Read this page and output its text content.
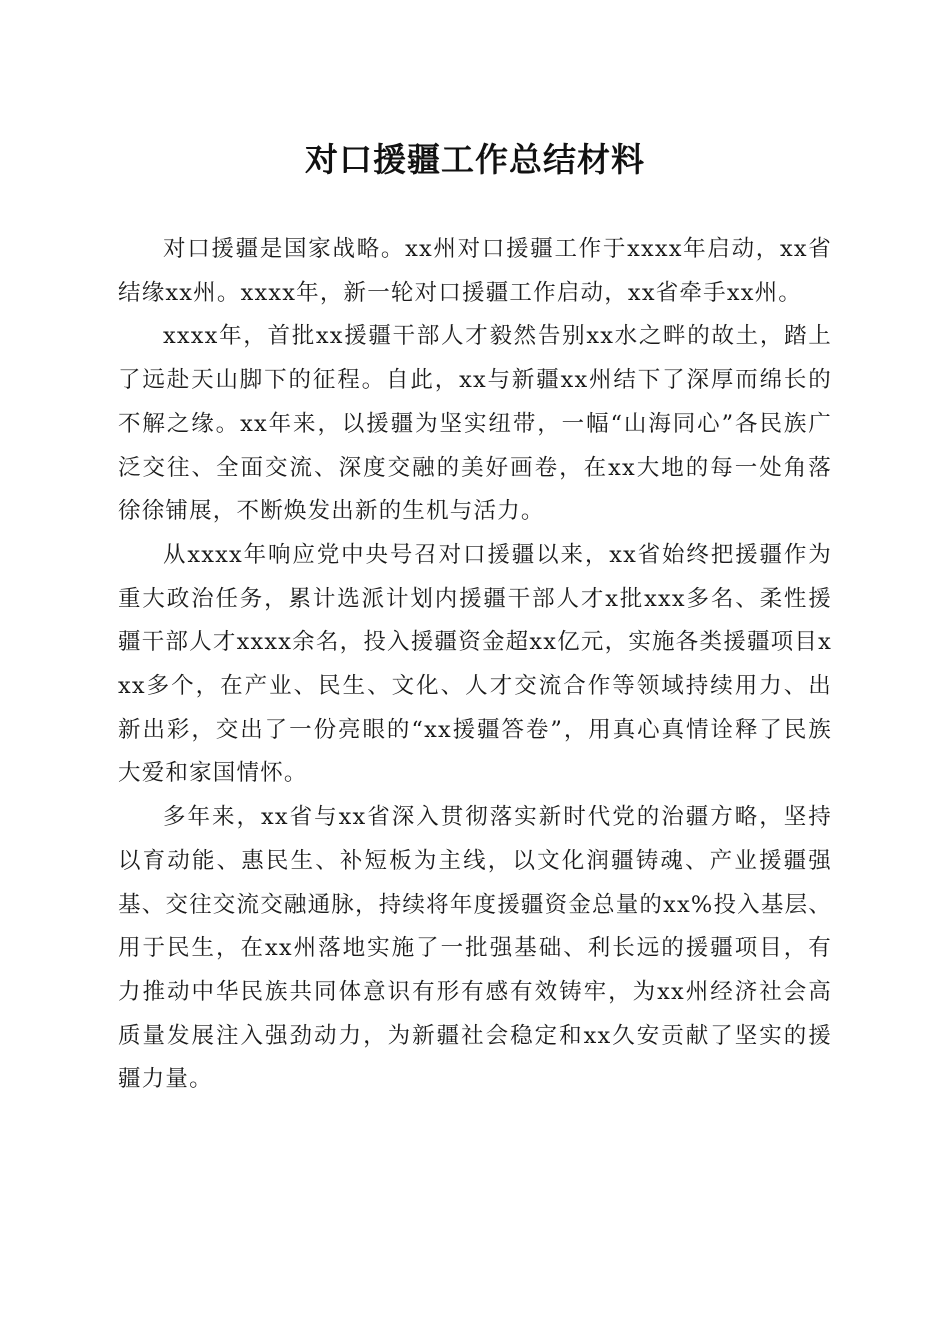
对口援疆工作总结材料

对口援疆是国家战略。xx州对口援疆工作于xxxx年启动，xx省结缘xx州。xxxx年，新一轮对口援疆工作启动，xx省牵手xx州。

xxxx年，首批xx援疆干部人才毅然告别xx水之畔的故土，踏上了远赴天山脚下的征程。自此，xx与新疆xx州结下了深厚而绵长的不解之缘。xx年来，以援疆为坚实纽带，一幅“山海同心”各民族广泛交往、全面交流、深度交融的美好画卷，在xx大地的每一处角落徐徐铺展，不断焕发出新的生机与活力。

从xxxx年响应党中央号召对口援疆以来，xx省始终把援疆作为重大政治任务，累计选派计划内援疆干部人才x批xxx多名、柔性援疆干部人才xxxx余名，投入援疆资金超xx亿元，实施各类援疆项目xxx多个，在产业、民生、文化、人才交流合作等领域持续用力、出新出彩，交出了一份亮眼的“xx援疆答卷”，用真心真情诠释了民族大爱和家国情怀。

多年来，xx省与xx省深入贯彻落实新时代党的治疆方略，坚持以育动能、惠民生、补短板为主线，以文化润疆铸魂、产业援疆强基、交往交流交融通脉，持续将年度援疆资金总量的xx%投入基层、用于民生，在xx州落地实施了一批强基础、利长远的援疆项目，有力推动中华民族共同体意识有形有感有效铸牢，为xx州经济社会高质量发展注入强劲动力，为新疆社会稳定和xx久安贡献了坚实的援疆力量。
